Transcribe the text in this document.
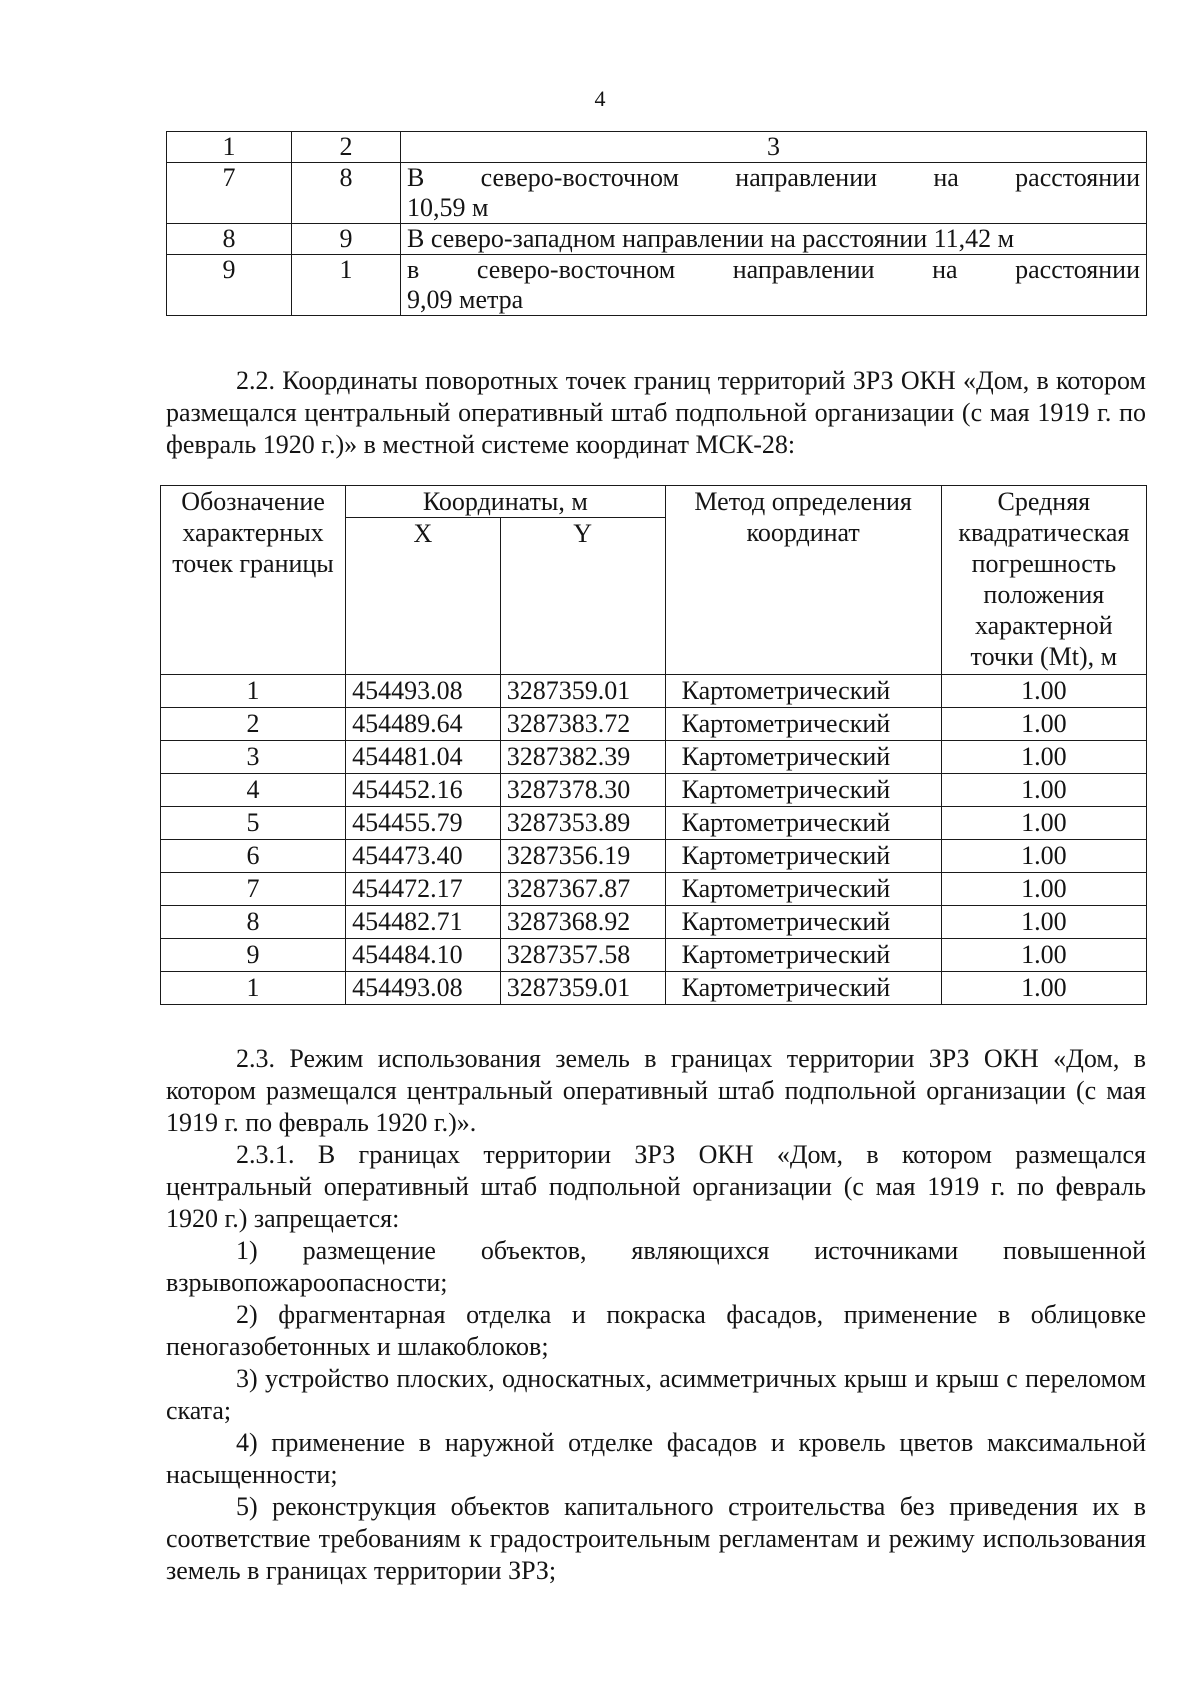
4
1	2	3
7	8	В северо-восточном направлении на расстоянии
10,59 м

8	9	В северо-западном направлении на расстоянии 11,42 м
9	1	в северо-восточном направлении на расстоянии
9,09 метра

2.2. Координаты поворотных точек границ территорий ЗРЗ ОКН «Дом, в котором размещался центральный оперативный штаб подпольной организации (с мая 1919 г. по февраль 1920 г.)» в местной системе координат МСК-28:

Обозначение характерных точек границы	Координаты, м		Метод определения координат	Средняя квадратическая погрешность положения характерной точки (Mt), м
	X	Y		
1	454493.08	3287359.01	Картометрический	1.00
2	454489.64	3287383.72	Картометрический	1.00
3	454481.04	3287382.39	Картометрический	1.00
4	454452.16	3287378.30	Картометрический	1.00
5	454455.79	3287353.89	Картометрический	1.00
6	454473.40	3287356.19	Картометрический	1.00
7	454472.17	3287367.87	Картометрический	1.00
8	454482.71	3287368.92	Картометрический	1.00
9	454484.10	3287357.58	Картометрический	1.00
1	454493.08	3287359.01	Картометрический	1.00

2.3. Режим использования земель в границах территории ЗРЗ ОКН «Дом, в котором размещался центральный оперативный штаб подпольной организации (с мая 1919 г. по февраль 1920 г.)».

2.3.1. В границах территории ЗРЗ ОКН «Дом, в котором размещался центральный оперативный штаб подпольной организации (с мая 1919 г. по февраль 1920 г.) запрещается:

1) размещение объектов, являющихся источниками повышенной взрывопожароопасности;

2) фрагментарная отделка и покраска фасадов, применение в облицовке пеногазобетонных и шлакоблоков;

3) устройство плоских, односкатных, асимметричных крыш и крыш с переломом ската;

4) применение в наружной отделке фасадов и кровель цветов максимальной насыщенности;

5) реконструкция объектов капитального строительства без приведения их в соответствие требованиям к градостроительным регламентам и режиму использования земель в границах территории ЗРЗ;
